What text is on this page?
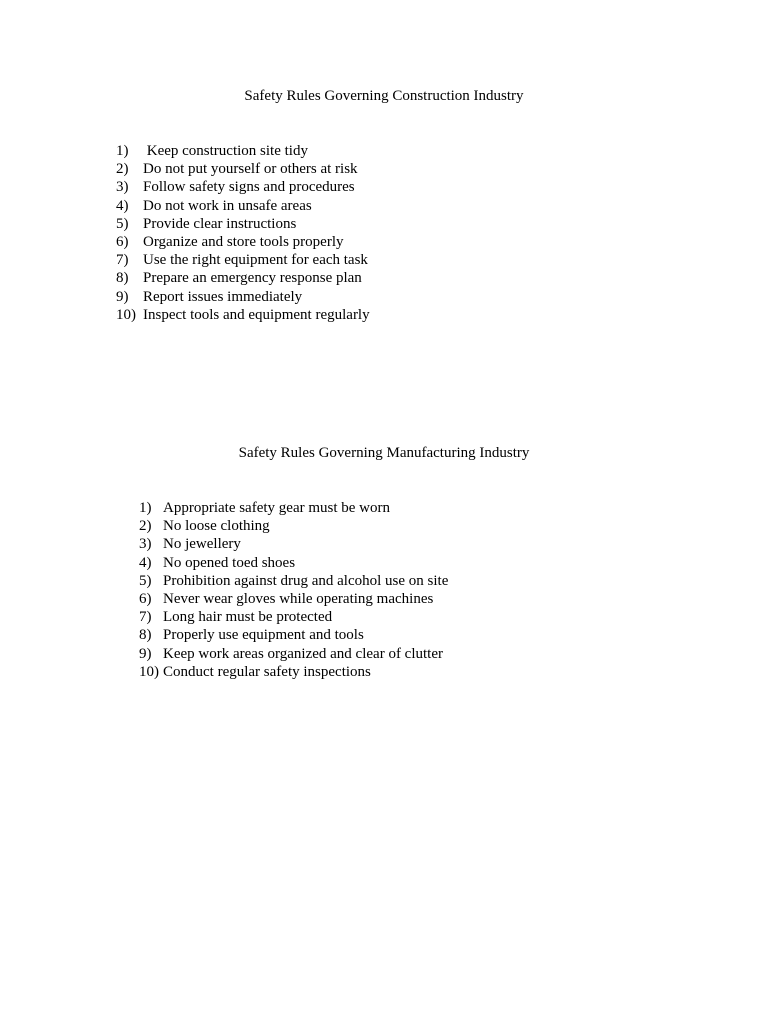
Safety Rules Governing Construction Industry
1) Keep construction site tidy
2) Do not put yourself or others at risk
3) Follow safety signs and procedures
4) Do not work in unsafe areas
5) Provide clear instructions
6) Organize and store tools properly
7) Use the right equipment for each task
8) Prepare an emergency response plan
9) Report issues immediately
10) Inspect tools and equipment regularly
Safety Rules Governing Manufacturing Industry
1) Appropriate safety gear must be worn
2) No loose clothing
3) No jewellery
4) No opened toed shoes
5) Prohibition against drug and alcohol use on site
6) Never wear gloves while operating machines
7) Long hair must be protected
8) Properly use equipment and tools
9) Keep work areas organized and clear of clutter
10) Conduct regular safety inspections
